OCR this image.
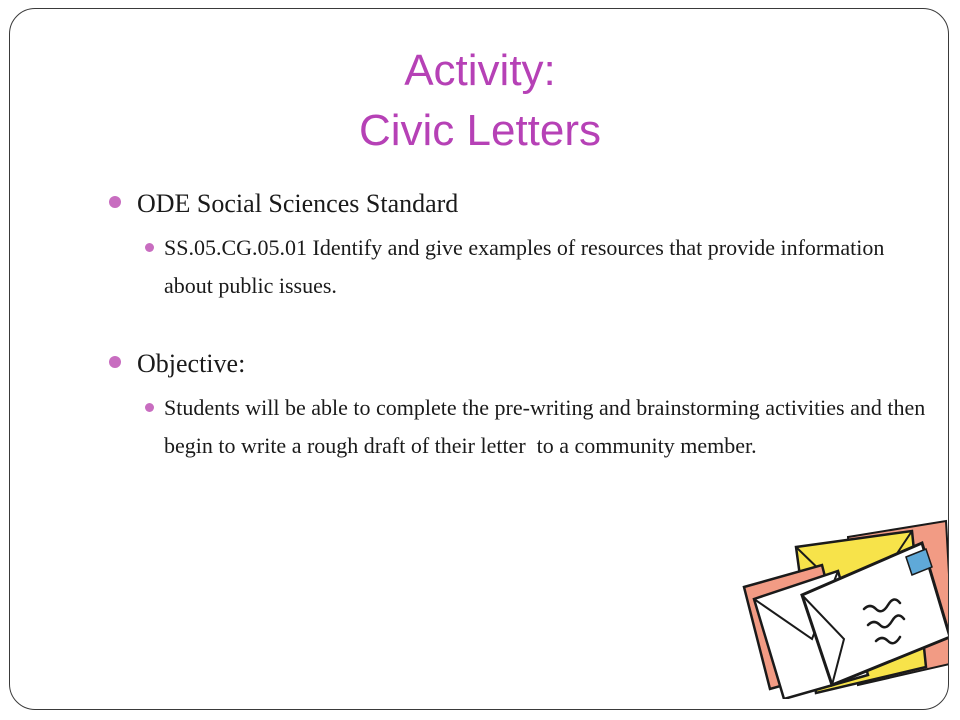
Activity:
Civic Letters
ODE Social Sciences Standard
SS.05.CG.05.01 Identify and give examples of resources that provide information about public issues.
Objective:
Students will be able to complete the pre-writing and brainstorming activities and then begin to write a rough draft of their letter  to a community member.
